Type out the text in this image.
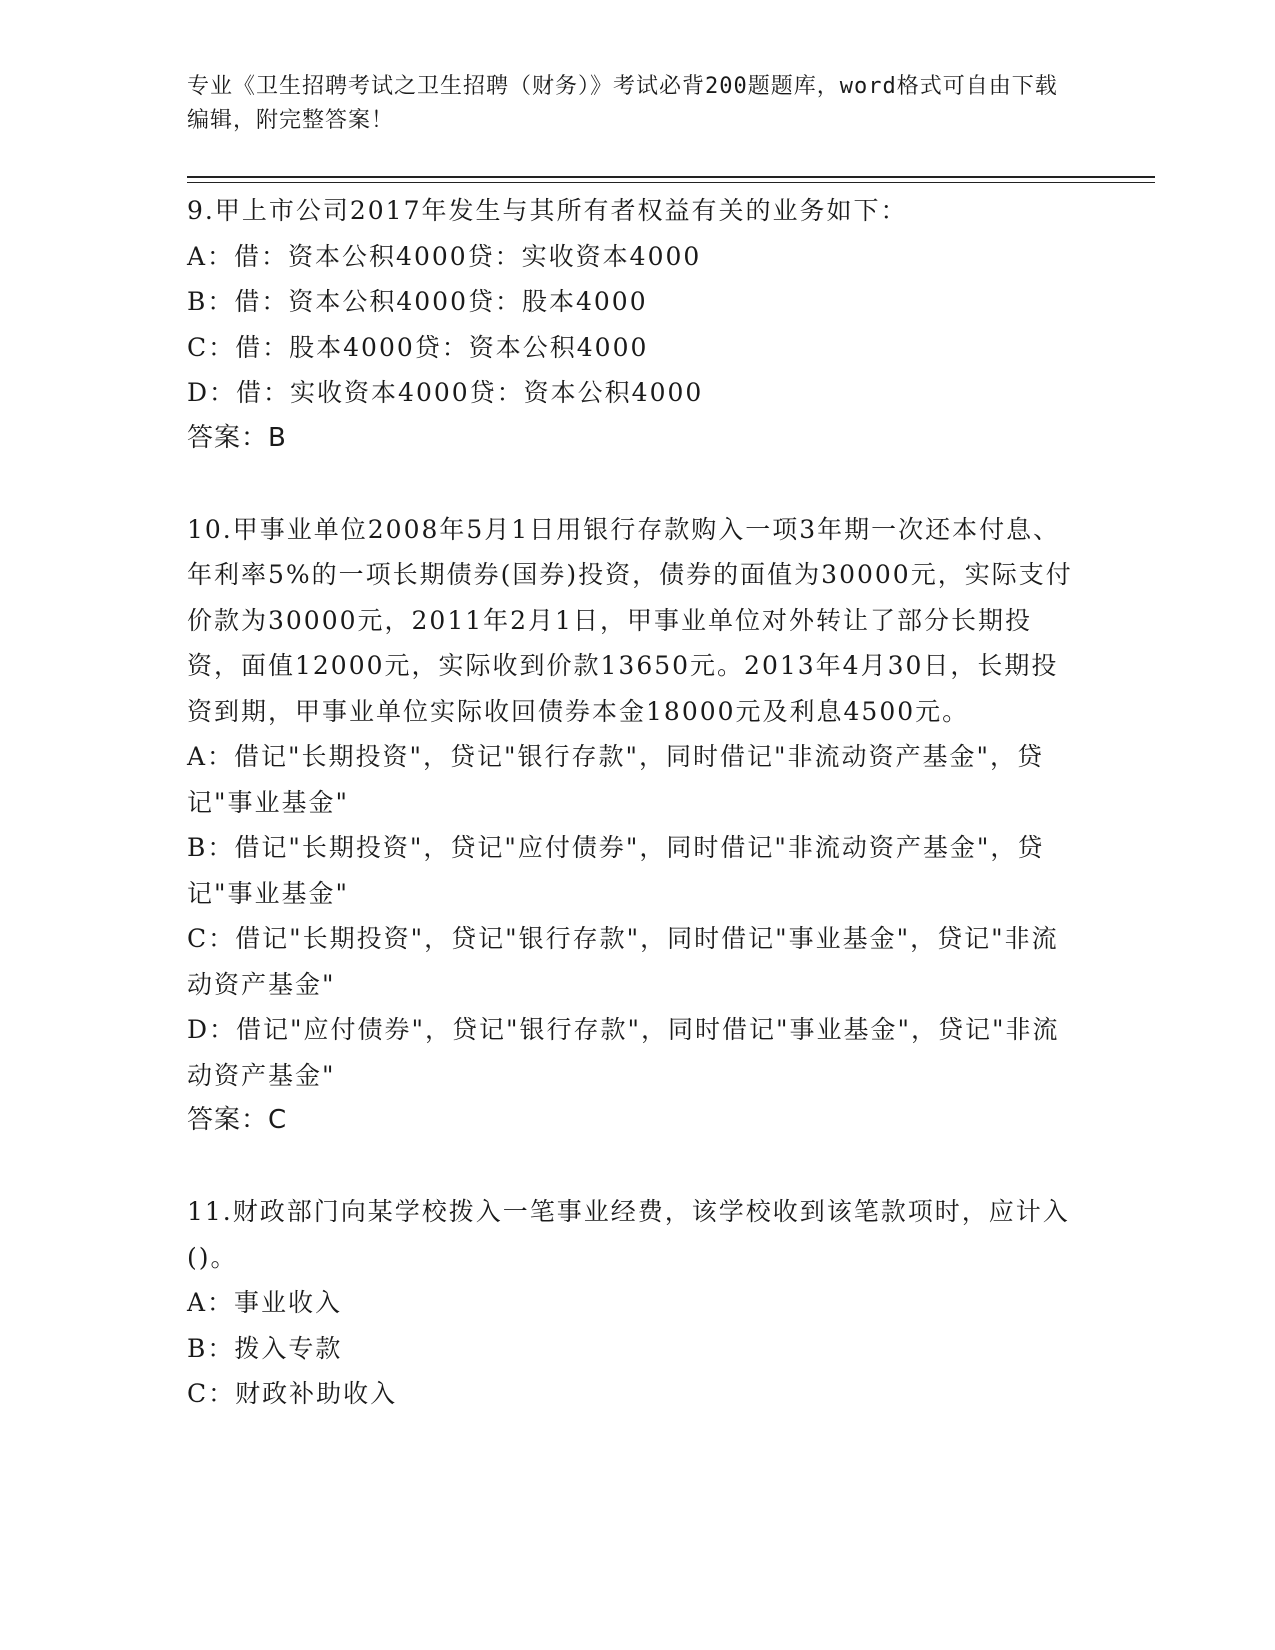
专业《卫生招聘考试之卫生招聘（财务）》考试必背200题题库，word格式可自由下载编辑，附完整答案！

9.甲上市公司2017年发生与其所有者权益有关的业务如下：

A：借：资本公积4000贷：实收资本4000

B：借：资本公积4000贷：股本4000

C：借：股本4000贷：资本公积4000

D：借：实收资本4000贷：资本公积4000

答案：B

10.甲事业单位2008年5月1日用银行存款购入一项3年期一次还本付息、年利率5%的一项长期债券(国券)投资，债券的面值为30000元，实际支付价款为30000元，2011年2月1日，甲事业单位对外转让了部分长期投资，面值12000元，实际收到价款13650元。2013年4月30日，长期投资到期，甲事业单位实际收回债券本金18000元及利息4500元。

A：借记"长期投资"，贷记"银行存款"，同时借记"非流动资产基金"，贷记"事业基金"

B：借记"长期投资"，贷记"应付债券"，同时借记"非流动资产基金"，贷记"事业基金"

C：借记"长期投资"，贷记"银行存款"，同时借记"事业基金"，贷记"非流动资产基金"

D：借记"应付债券"，贷记"银行存款"，同时借记"事业基金"，贷记"非流动资产基金"

答案：C

11.财政部门向某学校拨入一笔事业经费，该学校收到该笔款项时，应计入()。

A：事业收入

B：拨入专款

C：财政补助收入
